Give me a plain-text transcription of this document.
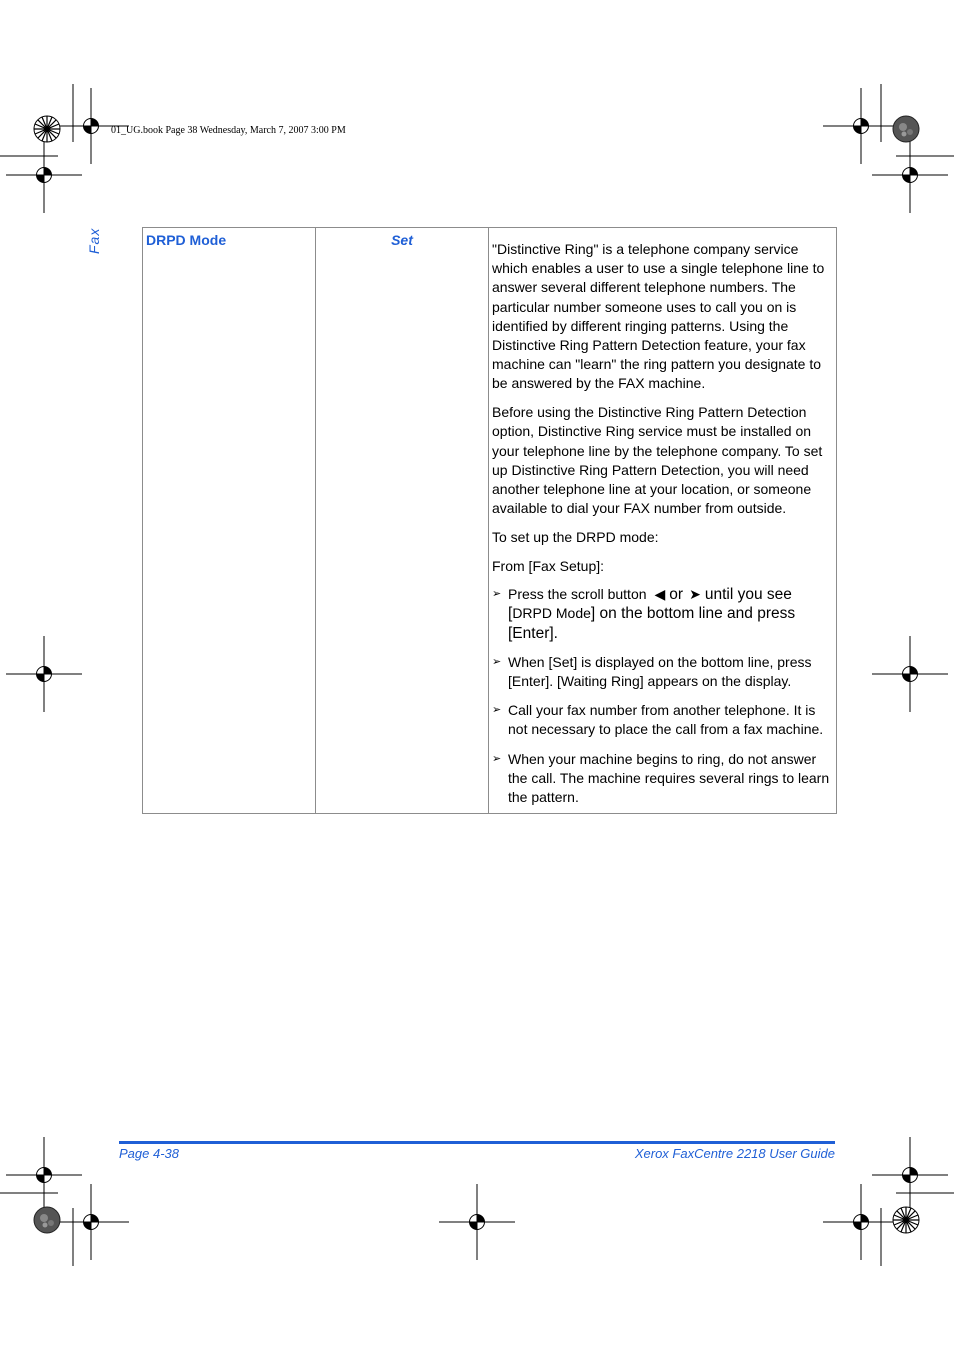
01_UG.book Page 38 Wednesday, March 7, 2007 3:00 PM
Fax	DRPD Mode	Set

"Distinctive Ring" is a telephone company service which enables a user to use a single telephone line to answer several different telephone numbers. The particular number someone uses to call you on is identified by different ringing patterns. Using the Distinctive Ring Pattern Detection feature, your fax machine can "learn" the ring pattern you designate to be answered by the FAX machine.

Before using the Distinctive Ring Pattern Detection option, Distinctive Ring service must be installed on your telephone line by the telephone company. To set up Distinctive Ring Pattern Detection, you will need another telephone line at your location, or someone available to dial your FAX number from outside.

To set up the DRPD mode:

From [Fax Setup]:

➢ Press the scroll button ◀ or ➤ until you see
[DRPD Mode] on the bottom line and press [Enter].
➢ When [Set] is displayed on the bottom line, press [Enter]. [Waiting Ring] appears on the display.
➢ Call your fax number from another telephone. It is not necessary to place the call from a fax machine.
➢ When your machine begins to ring, do not answer the call. The machine requires several rings to learn the pattern.
Page 4-38	Xerox FaxCentre 2218 User Guide
